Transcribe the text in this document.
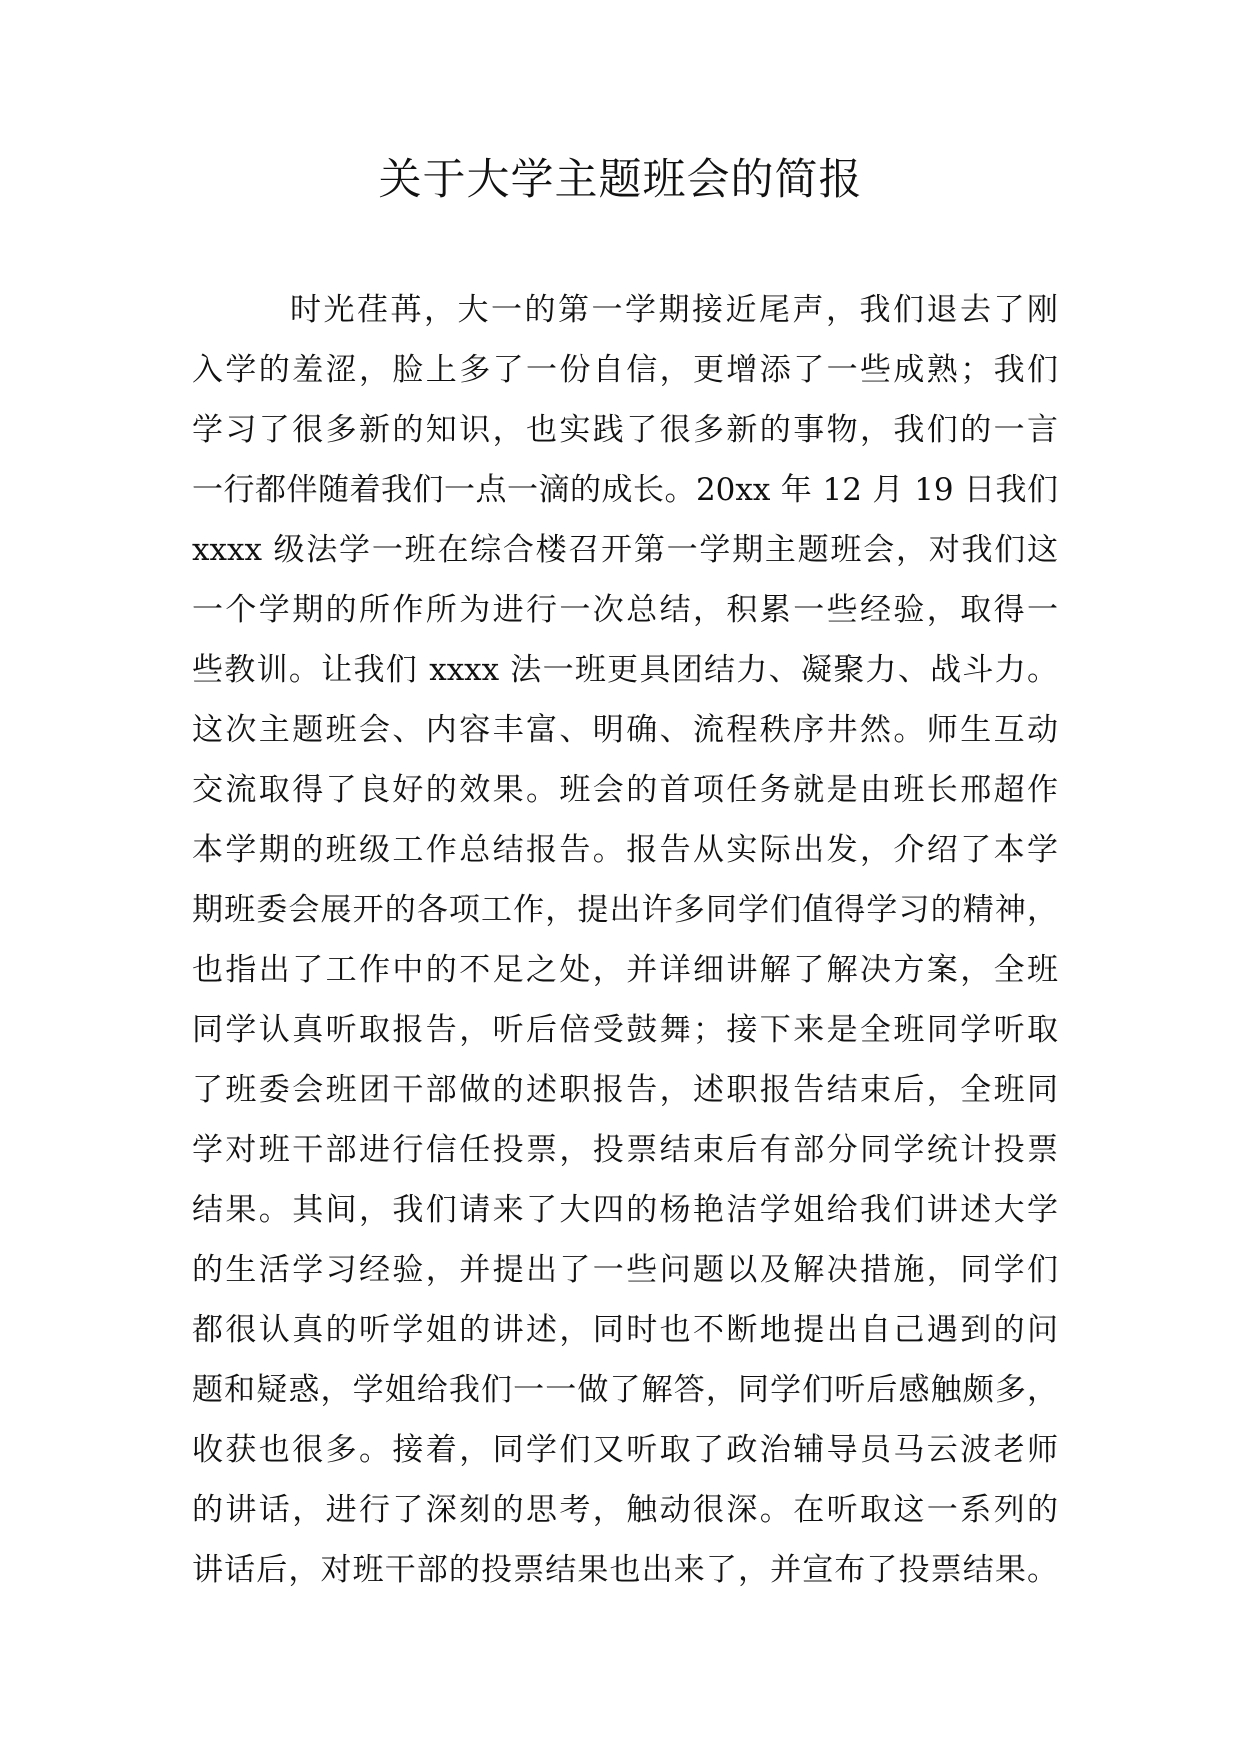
关于大学主题班会的简报
时光荏苒，大一的第一学期接近尾声，我们退去了刚
入学的羞涩，脸上多了一份自信，更增添了一些成熟；我们
学习了很多新的知识，也实践了很多新的事物，我们的一言
一行都伴随着我们一点一滴的成长。20xx 年 12 月 19 日我们
xxxx 级法学一班在综合楼召开第一学期主题班会，对我们这
一个学期的所作所为进行一次总结，积累一些经验，取得一
些教训。让我们 xxxx 法一班更具团结力、凝聚力、战斗力。
这次主题班会、内容丰富、明确、流程秩序井然。师生互动
交流取得了良好的效果。班会的首项任务就是由班长邢超作
本学期的班级工作总结报告。报告从实际出发，介绍了本学
期班委会展开的各项工作，提出许多同学们值得学习的精神，
也指出了工作中的不足之处，并详细讲解了解决方案，全班
同学认真听取报告，听后倍受鼓舞；接下来是全班同学听取
了班委会班团干部做的述职报告，述职报告结束后，全班同
学对班干部进行信任投票，投票结束后有部分同学统计投票
结果。其间，我们请来了大四的杨艳洁学姐给我们讲述大学
的生活学习经验，并提出了一些问题以及解决措施，同学们
都很认真的听学姐的讲述，同时也不断地提出自己遇到的问
题和疑惑，学姐给我们一一做了解答，同学们听后感触颇多，
收获也很多。接着，同学们又听取了政治辅导员马云波老师
的讲话，进行了深刻的思考，触动很深。在听取这一系列的
讲话后，对班干部的投票结果也出来了，并宣布了投票结果。
